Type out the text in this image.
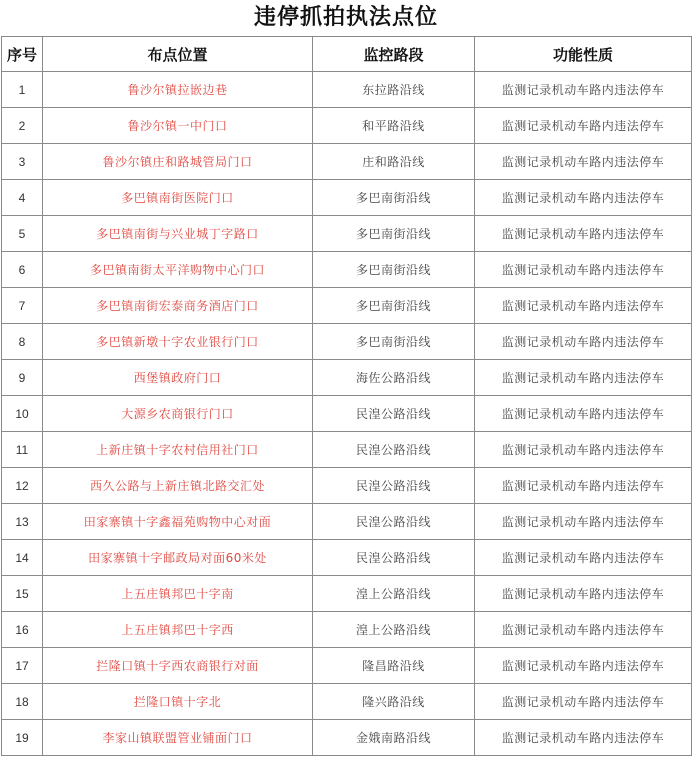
违停抓拍执法点位
序号	布点位置	监控路段	功能性质
1	鲁沙尔镇拉嵌边巷	东拉路沿线	监测记录机动车路内违法停车
2	鲁沙尔镇一中门口	和平路沿线	监测记录机动车路内违法停车
3	鲁沙尔镇庄和路城管局门口	庄和路沿线	监测记录机动车路内违法停车
4	多巴镇南街医院门口	多巴南街沿线	监测记录机动车路内违法停车
5	多巴镇南街与兴业城丁字路口	多巴南街沿线	监测记录机动车路内违法停车
6	多巴镇南街太平洋购物中心门口	多巴南街沿线	监测记录机动车路内违法停车
7	多巴镇南街宏泰商务酒店门口	多巴南街沿线	监测记录机动车路内违法停车
8	多巴镇新墩十字农业银行门口	多巴南街沿线	监测记录机动车路内违法停车
9	西堡镇政府门口	海佐公路沿线	监测记录机动车路内违法停车
10	大源乡农商银行门口	民湟公路沿线	监测记录机动车路内违法停车
11	上新庄镇十字农村信用社门口	民湟公路沿线	监测记录机动车路内违法停车
12	西久公路与上新庄镇北路交汇处	民湟公路沿线	监测记录机动车路内违法停车
13	田家寨镇十字鑫福苑购物中心对面	民湟公路沿线	监测记录机动车路内违法停车
14	田家寨镇十字邮政局对面60米处	民湟公路沿线	监测记录机动车路内违法停车
15	上五庄镇邦巴十字南	湟上公路沿线	监测记录机动车路内违法停车
16	上五庄镇邦巴十字西	湟上公路沿线	监测记录机动车路内违法停车
17	拦隆口镇十字西农商银行对面	隆昌路沿线	监测记录机动车路内违法停车
18	拦隆口镇十字北	隆兴路沿线	监测记录机动车路内违法停车
19	李家山镇联盟管业铺面门口	金娥南路沿线	监测记录机动车路内违法停车
